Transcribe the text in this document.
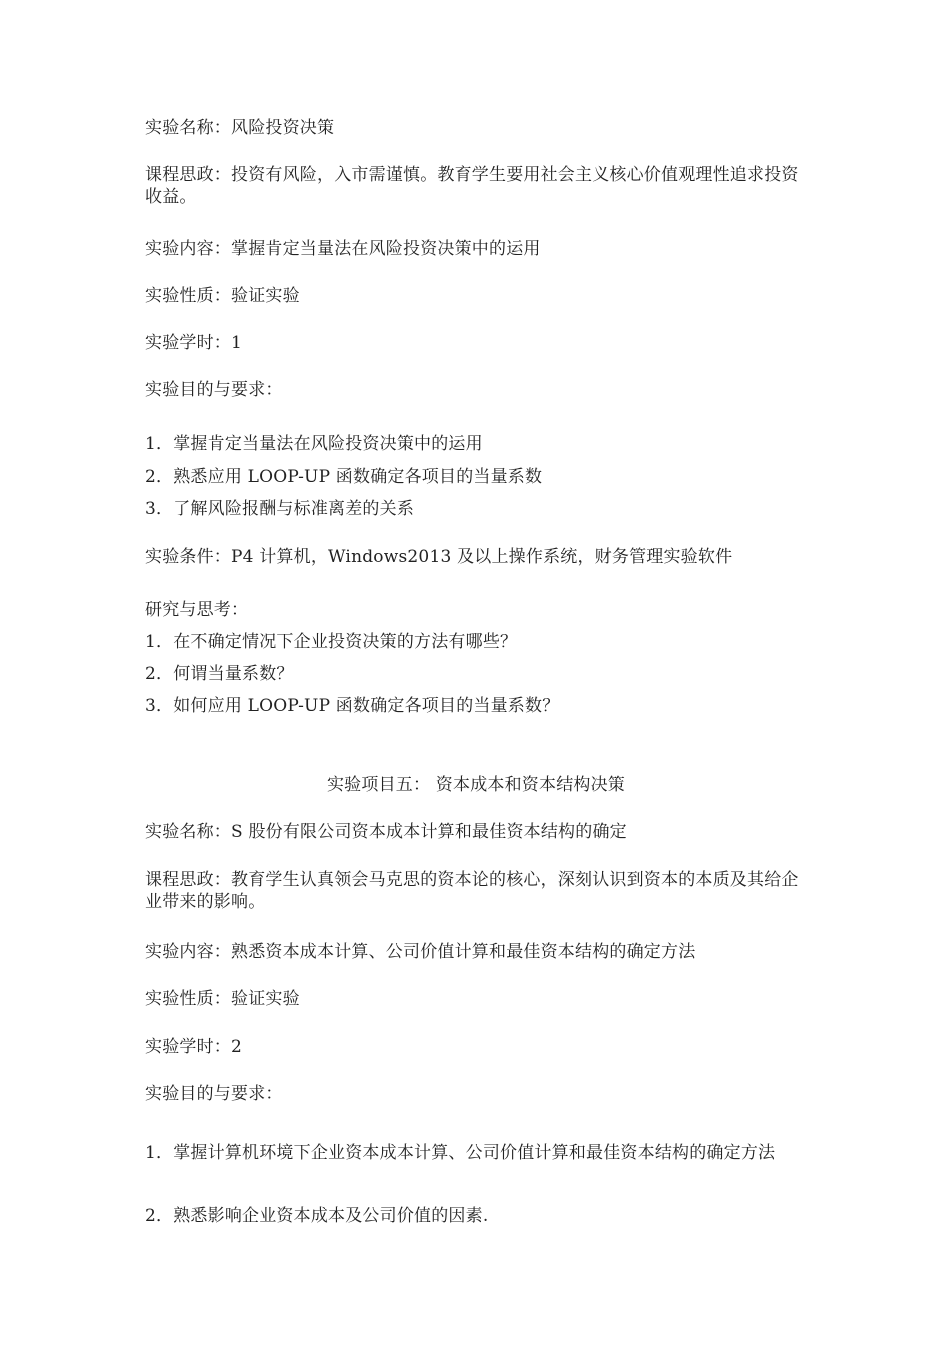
实验名称：风险投资决策
课程思政：投资有风险，入市需谨慎。教育学生要用社会主义核心价值观理性追求投资收益。
实验内容：掌握肯定当量法在风险投资决策中的运用
实验性质：验证实验
实验学时：1
实验目的与要求：
1．掌握肯定当量法在风险投资决策中的运用
2．熟悉应用 LOOP-UP 函数确定各项目的当量系数
3．了解风险报酬与标准离差的关系
实验条件：P4 计算机，Windows2013 及以上操作系统，财务管理实验软件
研究与思考：
1．在不确定情况下企业投资决策的方法有哪些？
2．何谓当量系数？
3．如何应用 LOOP-UP 函数确定各项目的当量系数？
实验项目五： 资本成本和资本结构决策
实验名称：S 股份有限公司资本成本计算和最佳资本结构的确定
课程思政：教育学生认真领会马克思的资本论的核心，深刻认识到资本的本质及其给企业带来的影响。
实验内容：熟悉资本成本计算、公司价值计算和最佳资本结构的确定方法
实验性质：验证实验
实验学时：2
实验目的与要求：
1．掌握计算机环境下企业资本成本计算、公司价值计算和最佳资本结构的确定方法
2．熟悉影响企业资本成本及公司价值的因素.
